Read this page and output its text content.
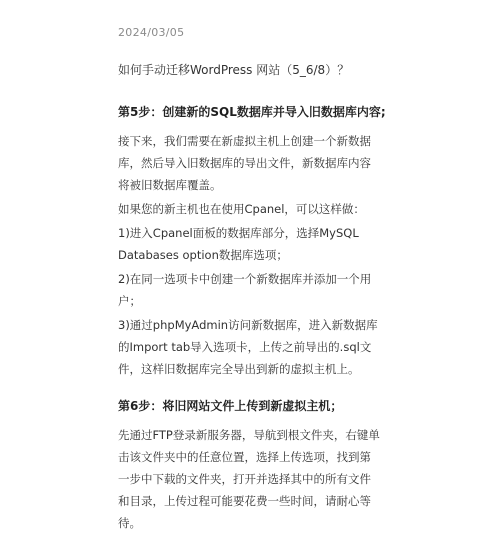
2024/03/05
如何手动迁移WordPress 网站（5_6/8）？
第5步：创建新的SQL数据库并导入旧数据库内容;
接下来，我们需要在新虚拟主机上创建一个新数据库，然后导入旧数据库的导出文件，新数据库内容将被旧数据库覆盖。
如果您的新主机也在使用Cpanel，可以这样做：
1)进入Cpanel面板的数据库部分，选择MySQL Databases option数据库选项；
2)在同一选项卡中创建一个新数据库并添加一个用户；
3)通过phpMyAdmin访问新数据库，进入新数据库的Import tab导入选项卡，上传之前导出的.sql文件，这样旧数据库完全导出到新的虚拟主机上。
第6步：将旧网站文件上传到新虚拟主机；
先通过FTP登录新服务器，导航到根文件夹，右键单击该文件夹中的任意位置，选择上传选项，找到第一步中下载的文件夹，打开并选择其中的所有文件和目录，上传过程可能要花费一些时间，请耐心等待。
